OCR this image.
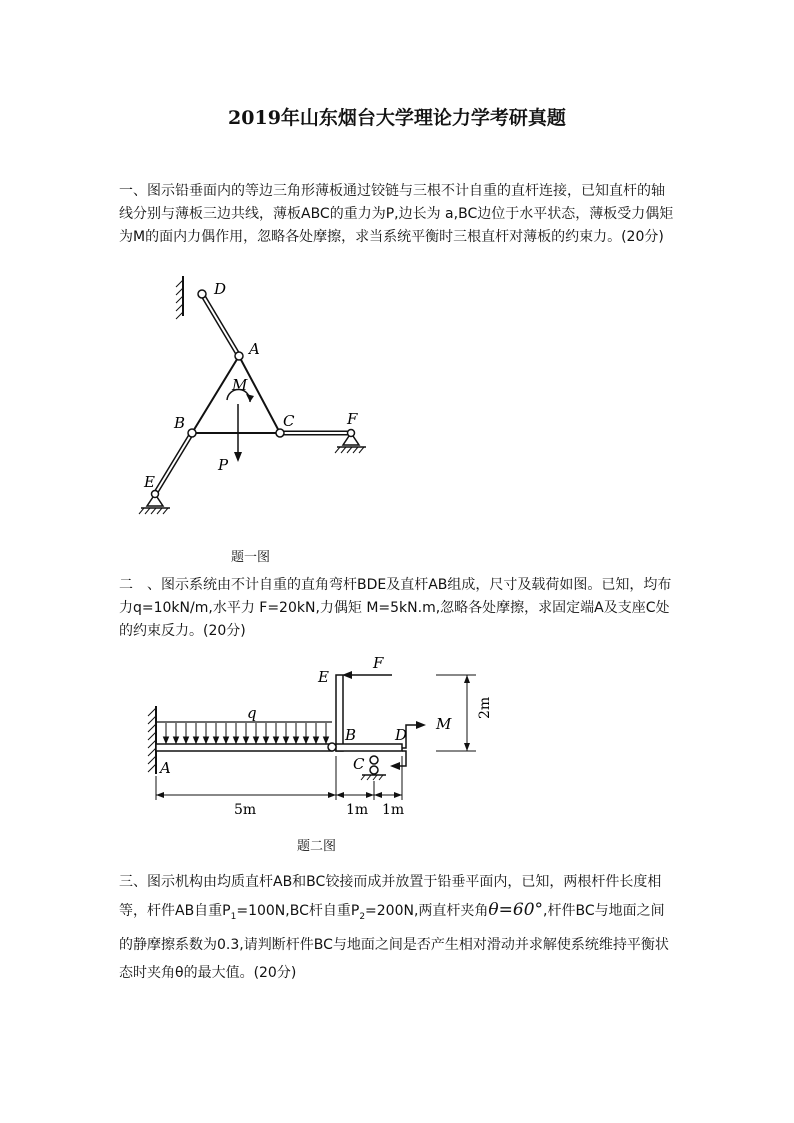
2019年山东烟台大学理论力学考研真题
一、图示铅垂面内的等边三角形薄板通过铰链与三根不计自重的直杆连接，已知直杆的轴线分别与薄板三边共线，薄板ABC的重力为P,边长为 a,BC边位于水平状态，薄板受力偶矩为M的面内力偶作用，忽略各处摩擦，求当系统平衡时三根直杆对薄板的约束力。(20分)
D
A
M
B	C	F
P
E
题一图
二　、图示系统由不计自重的直角弯杆BDE及直杆AB组成，尺寸及载荷如图。已知，均布力q=10kN/m,水平力 F=20kN,力偶矩 M=5kN.m,忽略各处摩擦，求固定端A及支座C处的约束反力。(20分)
E
F
q
B	D
M
A	C
2m
5m	1m 1m
题二图
三、图示机构由均质直杆AB和BC铰接而成并放置于铅垂平面内，已知，两根杆件长度相等，杆件AB自重$P_1=100N,BC$杆自重$P_2=200N$,两直杆夹角θ=60°,杆件BC与地面之间的静摩擦系数为0.3,请判断杆件BC与地面之间是否产生相对滑动并求解使系统维持平衡状态时夹角θ的最大值。(20分)
